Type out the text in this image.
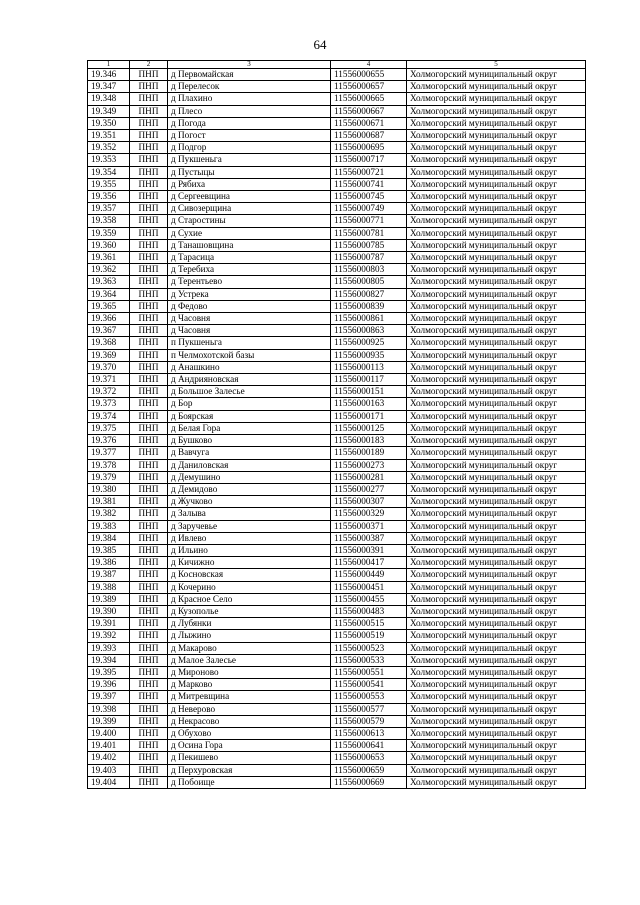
64
1	2	3	4	5
19.346	ПНП	д Первомайская	11556000655	Холмогорский муниципальный округ
19.347	ПНП	д Перелесок	11556000657	Холмогорский муниципальный округ
19.348	ПНП	д Плахино	11556000665	Холмогорский муниципальный округ
19.349	ПНП	д Плесо	11556000667	Холмогорский муниципальный округ
19.350	ПНП	д Погода	11556000671	Холмогорский муниципальный округ
19.351	ПНП	д Погост	11556000687	Холмогорский муниципальный округ
19.352	ПНП	д Подгор	11556000695	Холмогорский муниципальный округ
19.353	ПНП	д Пукшеньга	11556000717	Холмогорский муниципальный округ
19.354	ПНП	д Пустыцы	11556000721	Холмогорский муниципальный округ
19.355	ПНП	д Рябиха	11556000741	Холмогорский муниципальный округ
19.356	ПНП	д Сергеевщина	11556000745	Холмогорский муниципальный округ
19.357	ПНП	д Сивозерщина	11556000749	Холмогорский муниципальный округ
19.358	ПНП	д Старостины	11556000771	Холмогорский муниципальный округ
19.359	ПНП	д Сухие	11556000781	Холмогорский муниципальный округ
19.360	ПНП	д Танашовщина	11556000785	Холмогорский муниципальный округ
19.361	ПНП	д Тарасица	11556000787	Холмогорский муниципальный округ
19.362	ПНП	д Теребиха	11556000803	Холмогорский муниципальный округ
19.363	ПНП	д Терентьево	11556000805	Холмогорский муниципальный округ
19.364	ПНП	д Устрека	11556000827	Холмогорский муниципальный округ
19.365	ПНП	д Федово	11556000839	Холмогорский муниципальный округ
19.366	ПНП	д Часовня	11556000861	Холмогорский муниципальный округ
19.367	ПНП	д Часовня	11556000863	Холмогорский муниципальный округ
19.368	ПНП	п Пукшеньга	11556000925	Холмогорский муниципальный округ
19.369	ПНП	п Челмохотской базы	11556000935	Холмогорский муниципальный округ
19.370	ПНП	д Анашкино	11556000113	Холмогорский муниципальный округ
19.371	ПНП	д Андрияновская	11556000117	Холмогорский муниципальный округ
19.372	ПНП	д Большое Залесье	11556000151	Холмогорский муниципальный округ
19.373	ПНП	д Бор	11556000163	Холмогорский муниципальный округ
19.374	ПНП	д Боярская	11556000171	Холмогорский муниципальный округ
19.375	ПНП	д Белая Гора	11556000125	Холмогорский муниципальный округ
19.376	ПНП	д Бушково	11556000183	Холмогорский муниципальный округ
19.377	ПНП	д Вавчуга	11556000189	Холмогорский муниципальный округ
19.378	ПНП	д Даниловская	11556000273	Холмогорский муниципальный округ
19.379	ПНП	д Демушино	11556000281	Холмогорский муниципальный округ
19.380	ПНП	д Демидово	11556000277	Холмогорский муниципальный округ
19.381	ПНП	д Жучково	11556000307	Холмогорский муниципальный округ
19.382	ПНП	д Залыва	11556000329	Холмогорский муниципальный округ
19.383	ПНП	д Заручевье	11556000371	Холмогорский муниципальный округ
19.384	ПНП	д Ивлево	11556000387	Холмогорский муниципальный округ
19.385	ПНП	д Ильино	11556000391	Холмогорский муниципальный округ
19.386	ПНП	д Кичижно	11556000417	Холмогорский муниципальный округ
19.387	ПНП	д Косновская	11556000449	Холмогорский муниципальный округ
19.388	ПНП	д Кочерино	11556000451	Холмогорский муниципальный округ
19.389	ПНП	д Красное Село	11556000455	Холмогорский муниципальный округ
19.390	ПНП	д Кузополье	11556000483	Холмогорский муниципальный округ
19.391	ПНП	д Лубянки	11556000515	Холмогорский муниципальный округ
19.392	ПНП	д Лыжино	11556000519	Холмогорский муниципальный округ
19.393	ПНП	д Макарово	11556000523	Холмогорский муниципальный округ
19.394	ПНП	д Малое Залесье	11556000533	Холмогорский муниципальный округ
19.395	ПНП	д Мироново	11556000551	Холмогорский муниципальный округ
19.396	ПНП	д Марково	11556000541	Холмогорский муниципальный округ
19.397	ПНП	д Митревщина	11556000553	Холмогорский муниципальный округ
19.398	ПНП	д Неверово	11556000577	Холмогорский муниципальный округ
19.399	ПНП	д Некрасово	11556000579	Холмогорский муниципальный округ
19.400	ПНП	д Обухово	11556000613	Холмогорский муниципальный округ
19.401	ПНП	д Осина Гора	11556000641	Холмогорский муниципальный округ
19.402	ПНП	д Пекишево	11556000653	Холмогорский муниципальный округ
19.403	ПНП	д Перхуровская	11556000659	Холмогорский муниципальный округ
19.404	ПНП	д Побоище	11556000669	Холмогорский муниципальный округ
